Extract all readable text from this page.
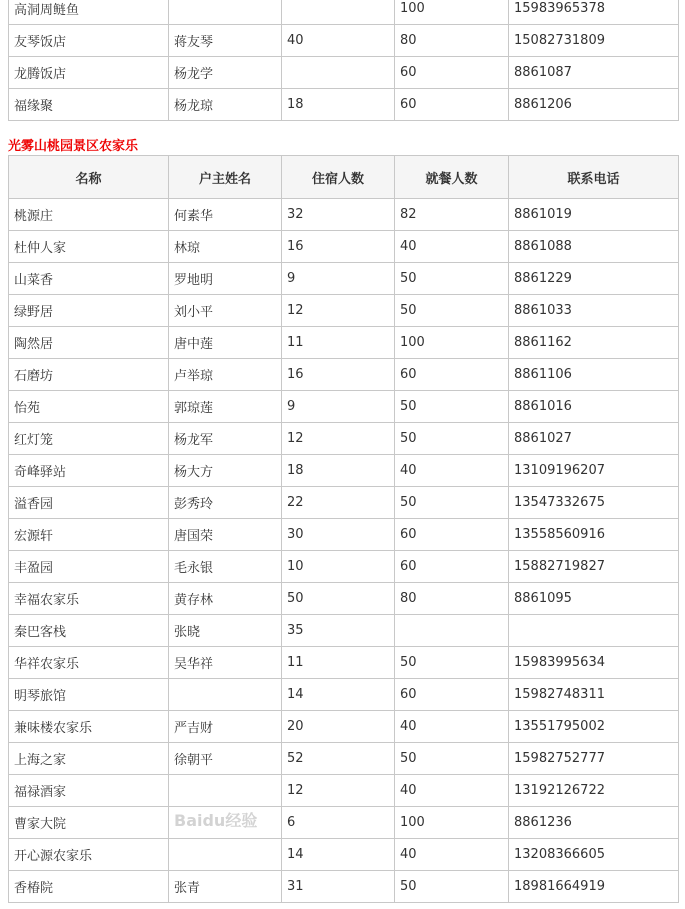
高洞周鲢鱼			100	15983965378
友琴饭店	蒋友琴	40	80	15082731809
龙腾饭店	杨龙学		60	8861087
福缘聚	杨龙琼	18	60	8861206
光雾山桃园景区农家乐
名称	户主姓名	住宿人数	就餐人数	联系电话
桃源庄	何素华	32	82	8861019
杜仲人家	林琼	16	40	8861088
山菜香	罗地明	9	50	8861229
绿野居	刘小平	12	50	8861033
陶然居	唐中莲	11	100	8861162
石磨坊	卢举琼	16	60	8861106
怡苑	郭琼莲	9	50	8861016
红灯笼	杨龙军	12	50	8861027
奇峰驿站	杨大方	18	40	13109196207
溢香园	彭秀玲	22	50	13547332675
宏源轩	唐国荣	30	60	13558560916
丰盈园	毛永银	10	60	15882719827
幸福农家乐	黄存林	50	80	8861095
秦巴客栈	张晓	35		
华祥农家乐	吴华祥	11	50	15983995634
明琴旅馆		14	60	15982748311
兼味楼农家乐	严吉财	20	40	13551795002
上海之家	徐朝平	52	50	15982752777
福禄酒家		12	40	13192126722
曹家大院		6	100	8861236
开心源农家乐		14	40	13208366605
香椿院	张青	31	50	18981664919
Baidu经验
